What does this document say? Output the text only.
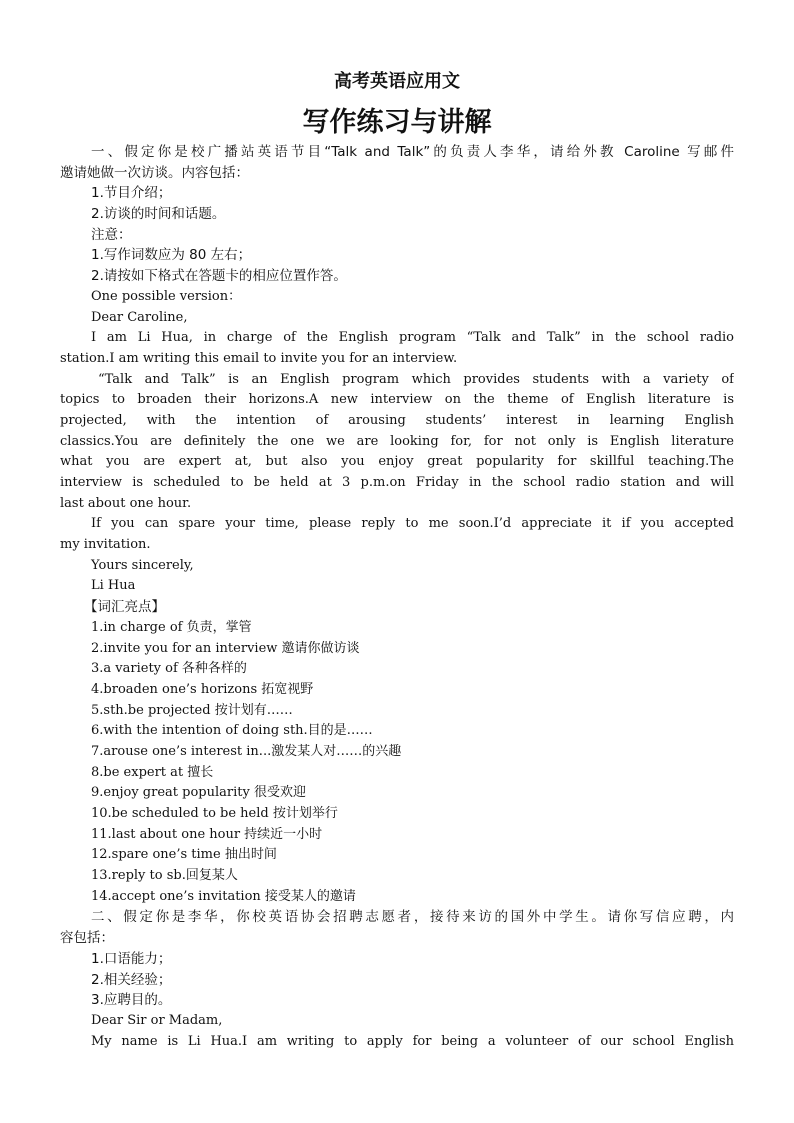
高考英语应用文
写作练习与讲解
一、假定你是校广播站英语节目“Talk and Talk”的负责人李华，请给外教 Caroline 写邮件
邀请她做一次访谈。内容包括：
1.节目介绍；
2.访谈的时间和话题。
注意：
1.写作词数应为 80 左右；
2.请按如下格式在答题卡的相应位置作答。
One possible version：
Dear Caroline,
I am Li Hua, in charge of the English program “Talk and Talk” in the school radio
station.I am writing this email to invite you for an interview.
“Talk and Talk” is an English program which provides students with a variety of
topics to broaden their horizons.A new interview on the theme of English literature is
projected, with the intention of arousing students’ interest in learning English
classics.You are definitely the one we are looking for, for not only is English literature
what you are expert at, but also you enjoy great popularity for skillful teaching.The
interview is scheduled to be held at 3 p.m.on Friday in the school radio station and will
last about one hour.
If you can spare your time, please reply to me soon.I’d appreciate it if you accepted
my invitation.
Yours sincerely,
Li Hua
【词汇亮点】
1.in charge of 负责，掌管
2.invite you for an interview 邀请你做访谈
3.a variety of 各种各样的
4.broaden one’s horizons 拓宽视野
5.sth.be projected 按计划有……
6.with the intention of doing sth.目的是……
7.arouse one’s interest in...激发某人对……的兴趣
8.be expert at 擅长
9.enjoy great popularity 很受欢迎
10.be scheduled to be held 按计划举行
11.last about one hour 持续近一小时
12.spare one’s time 抽出时间
13.reply to sb.回复某人
14.accept one’s invitation 接受某人的邀请
二、假定你是李华，你校英语协会招聘志愿者，接待来访的国外中学生。请你写信应聘，内
容包括：
1.口语能力；
2.相关经验；
3.应聘目的。
Dear Sir or Madam,
My name is Li Hua.I am writing to apply for being a volunteer of our school English
